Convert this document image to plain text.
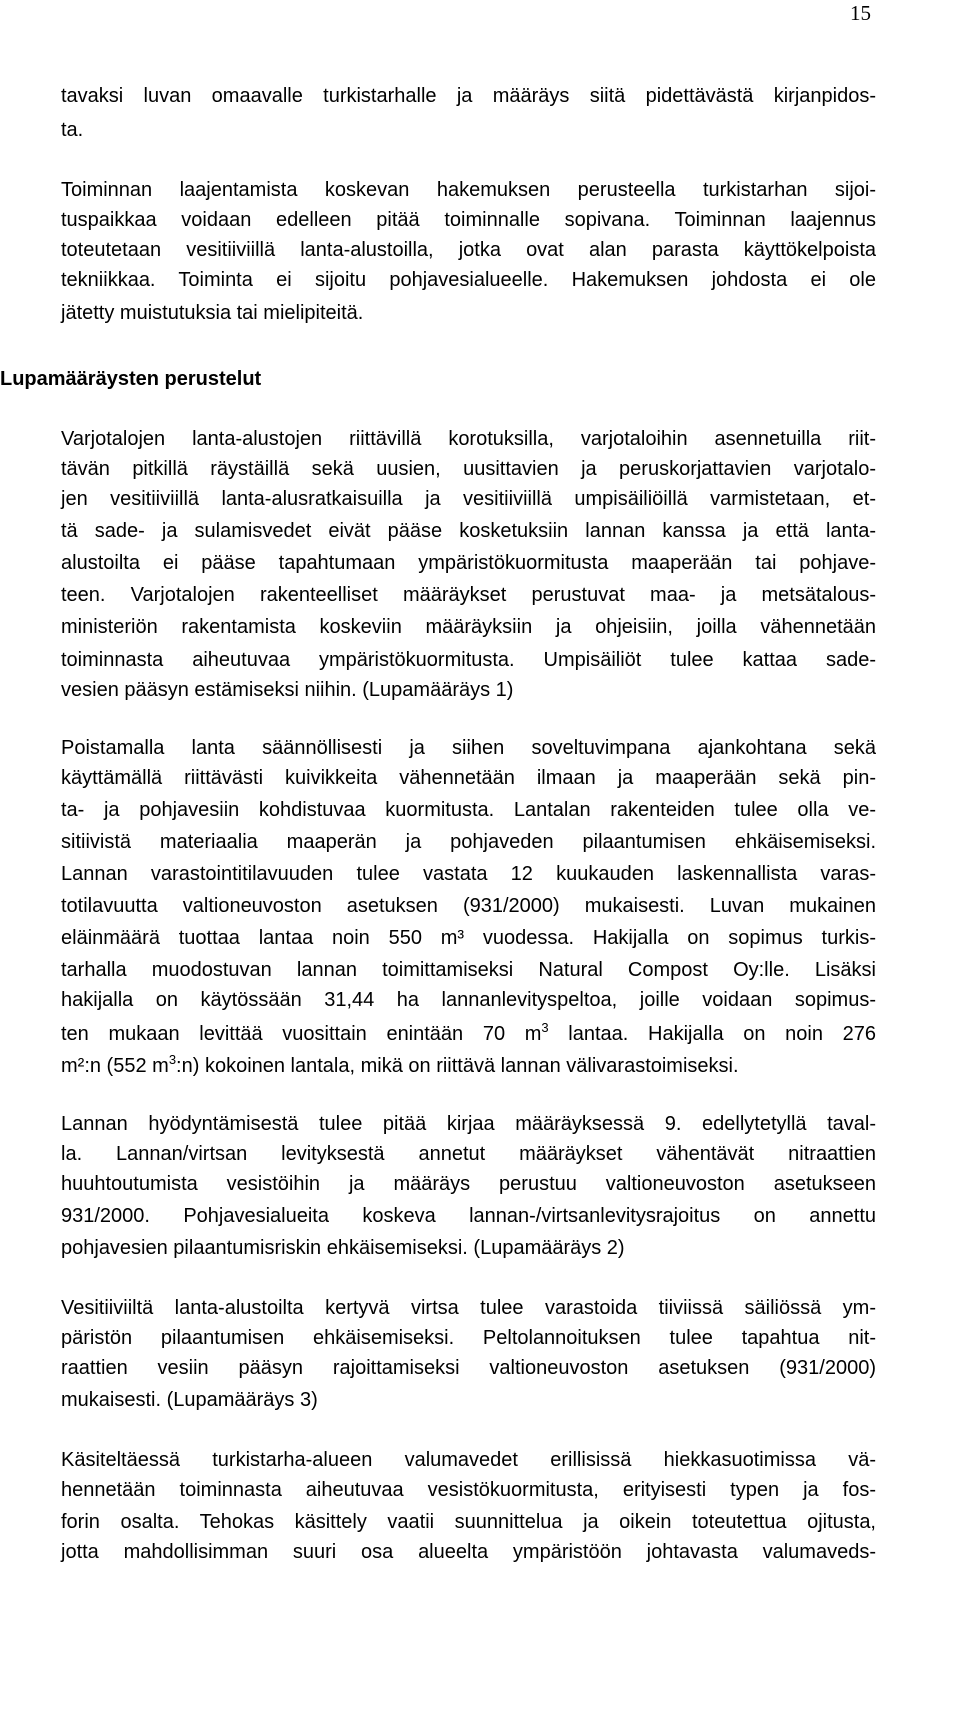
15
tavaksi luvan omaavalle turkistarhalle ja määräys siitä pidettävästä kirjanpidos-
ta.
Toiminnan laajentamista koskevan hakemuksen perusteella turkistarhan sijoi-
tuspaikkaa voidaan edelleen pitää toiminnalle sopivana. Toiminnan laajennus
toteutetaan vesitiiviillä lanta-alustoilla, jotka ovat alan parasta käyttökelpoista
tekniikkaa. Toiminta ei sijoitu pohjavesialueelle. Hakemuksen johdosta ei ole
jätetty muistutuksia tai mielipiteitä.
Lupamääräysten perustelut
Varjotalojen lanta-alustojen riittävillä korotuksilla, varjotaloihin asennetuilla riit-
tävän pitkillä räystäillä sekä uusien, uusittavien ja peruskorjattavien varjotalo-
jen vesitiiviillä lanta-alusratkaisuilla ja vesitiiviillä umpisäiliöillä varmistetaan, et-
tä sade- ja sulamisvedet eivät pääse kosketuksiin lannan kanssa ja että lanta-
alustoilta ei pääse tapahtumaan ympäristökuormitusta maaperään tai pohjave-
teen. Varjotalojen rakenteelliset määräykset perustuvat maa- ja metsätalous-
ministeriön rakentamista koskeviin määräyksiin ja ohjeisiin, joilla vähennetään
toiminnasta aiheutuvaa ympäristökuormitusta. Umpisäiliöt tulee kattaa sade-
vesien pääsyn estämiseksi niihin. (Lupamääräys 1)
Poistamalla lanta säännöllisesti ja siihen soveltuvimpana ajankohtana sekä
käyttämällä riittävästi kuivikkeita vähennetään ilmaan ja maaperään sekä pin-
ta- ja pohjavesiin kohdistuvaa kuormitusta. Lantalan rakenteiden tulee olla ve-
sitiivistä materiaalia maaperän ja pohjaveden pilaantumisen ehkäisemiseksi.
Lannan varastointitilavuuden tulee vastata 12 kuukauden laskennallista varas-
totilavuutta valtioneuvoston asetuksen (931/2000) mukaisesti. Luvan mukainen
eläinmäärä tuottaa lantaa noin 550 m³ vuodessa. Hakijalla on sopimus turkis-
tarhalla muodostuvan lannan toimittamiseksi Natural Compost Oy:lle. Lisäksi
hakijalla on käytössään 31,44 ha lannanlevityspeltoa, joille voidaan sopimus-
ten mukaan levittää vuosittain enintään 70 $m^3$ lantaa. Hakijalla on noin 276
m²:n (552 $m^3:n$) kokoinen lantala, mikä on riittävä lannan välivarastoimiseksi.
Lannan hyödyntämisestä tulee pitää kirjaa määräyksessä 9. edellytetyllä taval-
la. Lannan/virtsan levityksestä annetut määräykset vähentävät nitraattien
huuhtoutumista vesistöihin ja määräys perustuu valtioneuvoston asetukseen
931/2000. Pohjavesialueita koskeva lannan-/virtsanlevitysrajoitus on annettu
pohjavesien pilaantumisriskin ehkäisemiseksi. (Lupamääräys 2)
Vesitiiviiltä lanta-alustoilta kertyvä virtsa tulee varastoida tiiviissä säiliössä ym-
päristön pilaantumisen ehkäisemiseksi. Peltolannoituksen tulee tapahtua nit-
raattien vesiin pääsyn rajoittamiseksi valtioneuvoston asetuksen (931/2000)
mukaisesti. (Lupamääräys 3)
Käsiteltäessä turkistarha-alueen valumavedet erillisissä hiekkasuotimissa vä-
hennetään toiminnasta aiheutuvaa vesistökuormitusta, erityisesti typen ja fos-
forin osalta. Tehokas käsittely vaatii suunnittelua ja oikein toteutettua ojitusta,
jotta mahdollisimman suuri osa alueelta ympäristöön johtavasta valumaveds-
